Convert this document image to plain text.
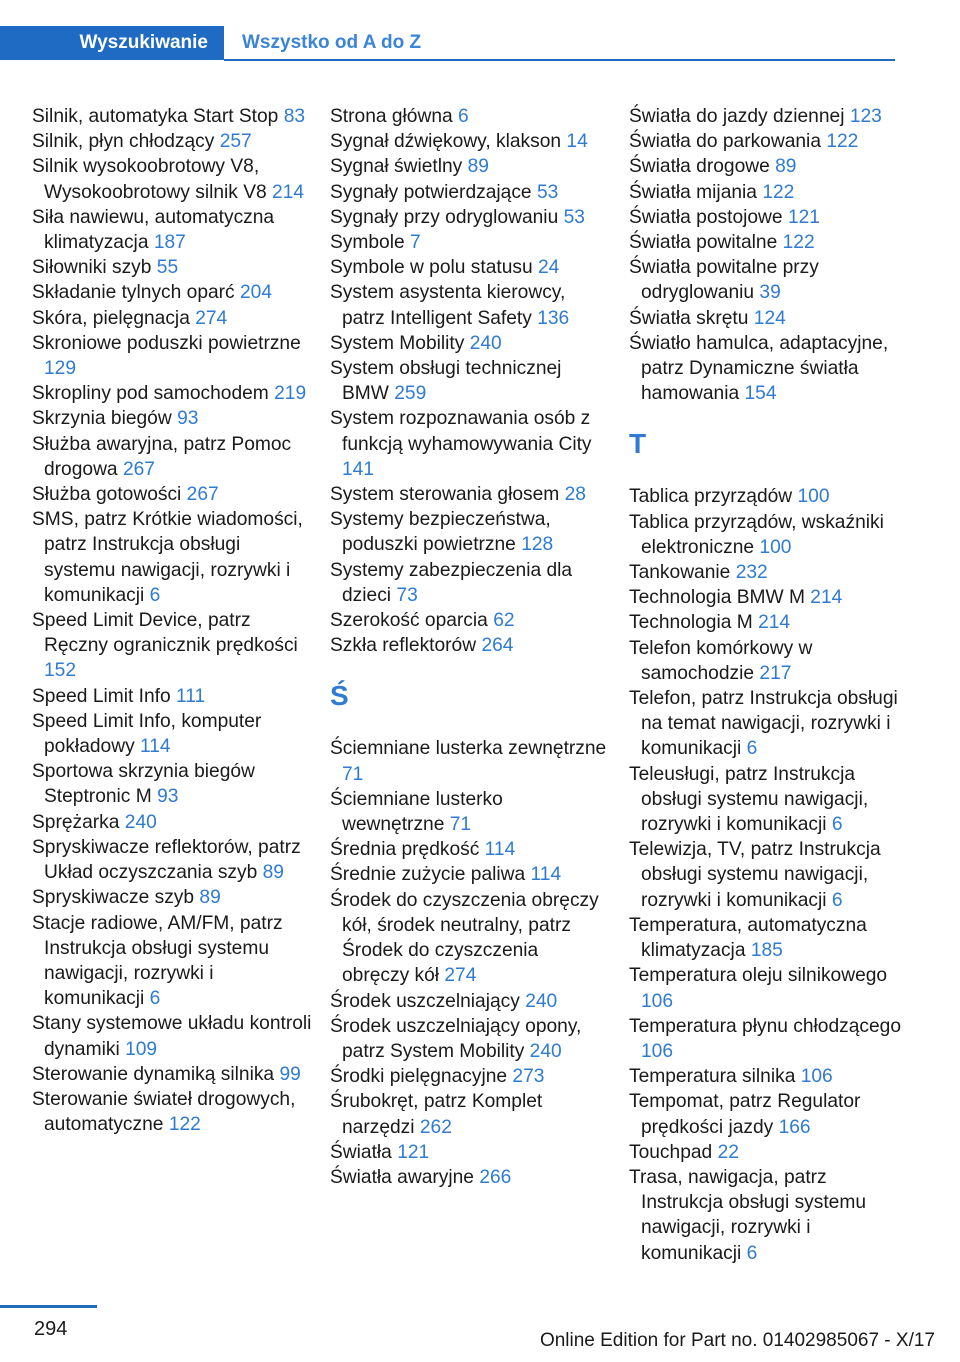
Wyszukiwanie	Wszystko od A do Z

Silnik, automatyka Start Stop 83

Silnik, płyn chłodzący 257

Silnik wysokoobrotowy V8, Wysokoobrotowy silnik V8 214

Siła nawiewu, automatyczna klimatyzacja 187

Siłowniki szyb 55

Składanie tylnych oparć 204

Skóra, pielęgnacja 274

Skroniowe poduszki powietrzne 129

Skropliny pod samochodem 219

Skrzynia biegów 93

Służba awaryjna, patrz Pomoc drogowa 267

Służba gotowości 267

SMS, patrz Krótkie wiadomości, patrz Instrukcja obsługi systemu nawigacji, rozrywki i komunikacji 6

Speed Limit Device, patrz Ręczny ogranicznik prędkości 152

Speed Limit Info 111

Speed Limit Info, komputer pokładowy 114

Sportowa skrzynia biegów Steptronic M 93

Sprężarka 240

Spryskiwacze reflektorów, patrz Układ oczyszczania szyb 89

Spryskiwacze szyb 89

Stacje radiowe, AM/FM, patrz Instrukcja obsługi systemu nawigacji, rozrywki i komunikacji 6

Stany systemowe układu kontroli dynamiki 109

Sterowanie dynamiką silnika 99

Sterowanie świateł drogowych, automatyczne 122

Strona główna 6

Sygnał dźwiękowy, klakson 14

Sygnał świetlny 89

Sygnały potwierdzające 53

Sygnały przy odryglowaniu 53

Symbole 7

Symbole w polu statusu 24

System asystenta kierowcy, patrz Intelligent Safety 136

System Mobility 240

System obsługi technicznej BMW 259

System rozpoznawania osób z funkcją wyhamowywania City 141

System sterowania głosem 28

Systemy bezpieczeństwa, poduszki powietrzne 128

Systemy zabezpieczenia dla dzieci 73

Szerokość oparcia 62

Szkła reflektorów 264

Ś

Ściemniane lusterka zewnętrzne 71

Ściemniane lusterko wewnętrzne 71

Średnia prędkość 114

Średnie zużycie paliwa 114

Środek do czyszczenia obręczy kół, środek neutralny, patrz Środek do czyszczenia obręczy kół 274

Środek uszczelniający 240

Środek uszczelniający opony, patrz System Mobility 240

Środki pielęgnacyjne 273

Śrubokręt, patrz Komplet narzędzi 262

Światła 121

Światła awaryjne 266

Światła do jazdy dziennej 123

Światła do parkowania 122

Światła drogowe 89

Światła mijania 122

Światła postojowe 121

Światła powitalne 122

Światła powitalne przy odryglowaniu 39

Światła skrętu 124

Światło hamulca, adaptacyjne, patrz Dynamiczne światła hamowania 154

T

Tablica przyrządów 100

Tablica przyrządów, wskaźniki elektroniczne 100

Tankowanie 232

Technologia BMW M 214

Technologia M 214

Telefon komórkowy w samochodzie 217

Telefon, patrz Instrukcja obsługi na temat nawigacji, rozrywki i komunikacji 6

Teleusługi, patrz Instrukcja obsługi systemu nawigacji, rozrywki i komunikacji 6

Telewizja, TV, patrz Instrukcja obsługi systemu nawigacji, rozrywki i komunikacji 6

Temperatura, automatyczna klimatyzacja 185

Temperatura oleju silnikowego 106

Temperatura płynu chłodzącego 106

Temperatura silnika 106

Tempomat, patrz Regulator prędkości jazdy 166

Touchpad 22

Trasa, nawigacja, patrz Instrukcja obsługi systemu nawigacji, rozrywki i komunikacji 6

294
Online Edition for Part no. 01402985067 - X/17
